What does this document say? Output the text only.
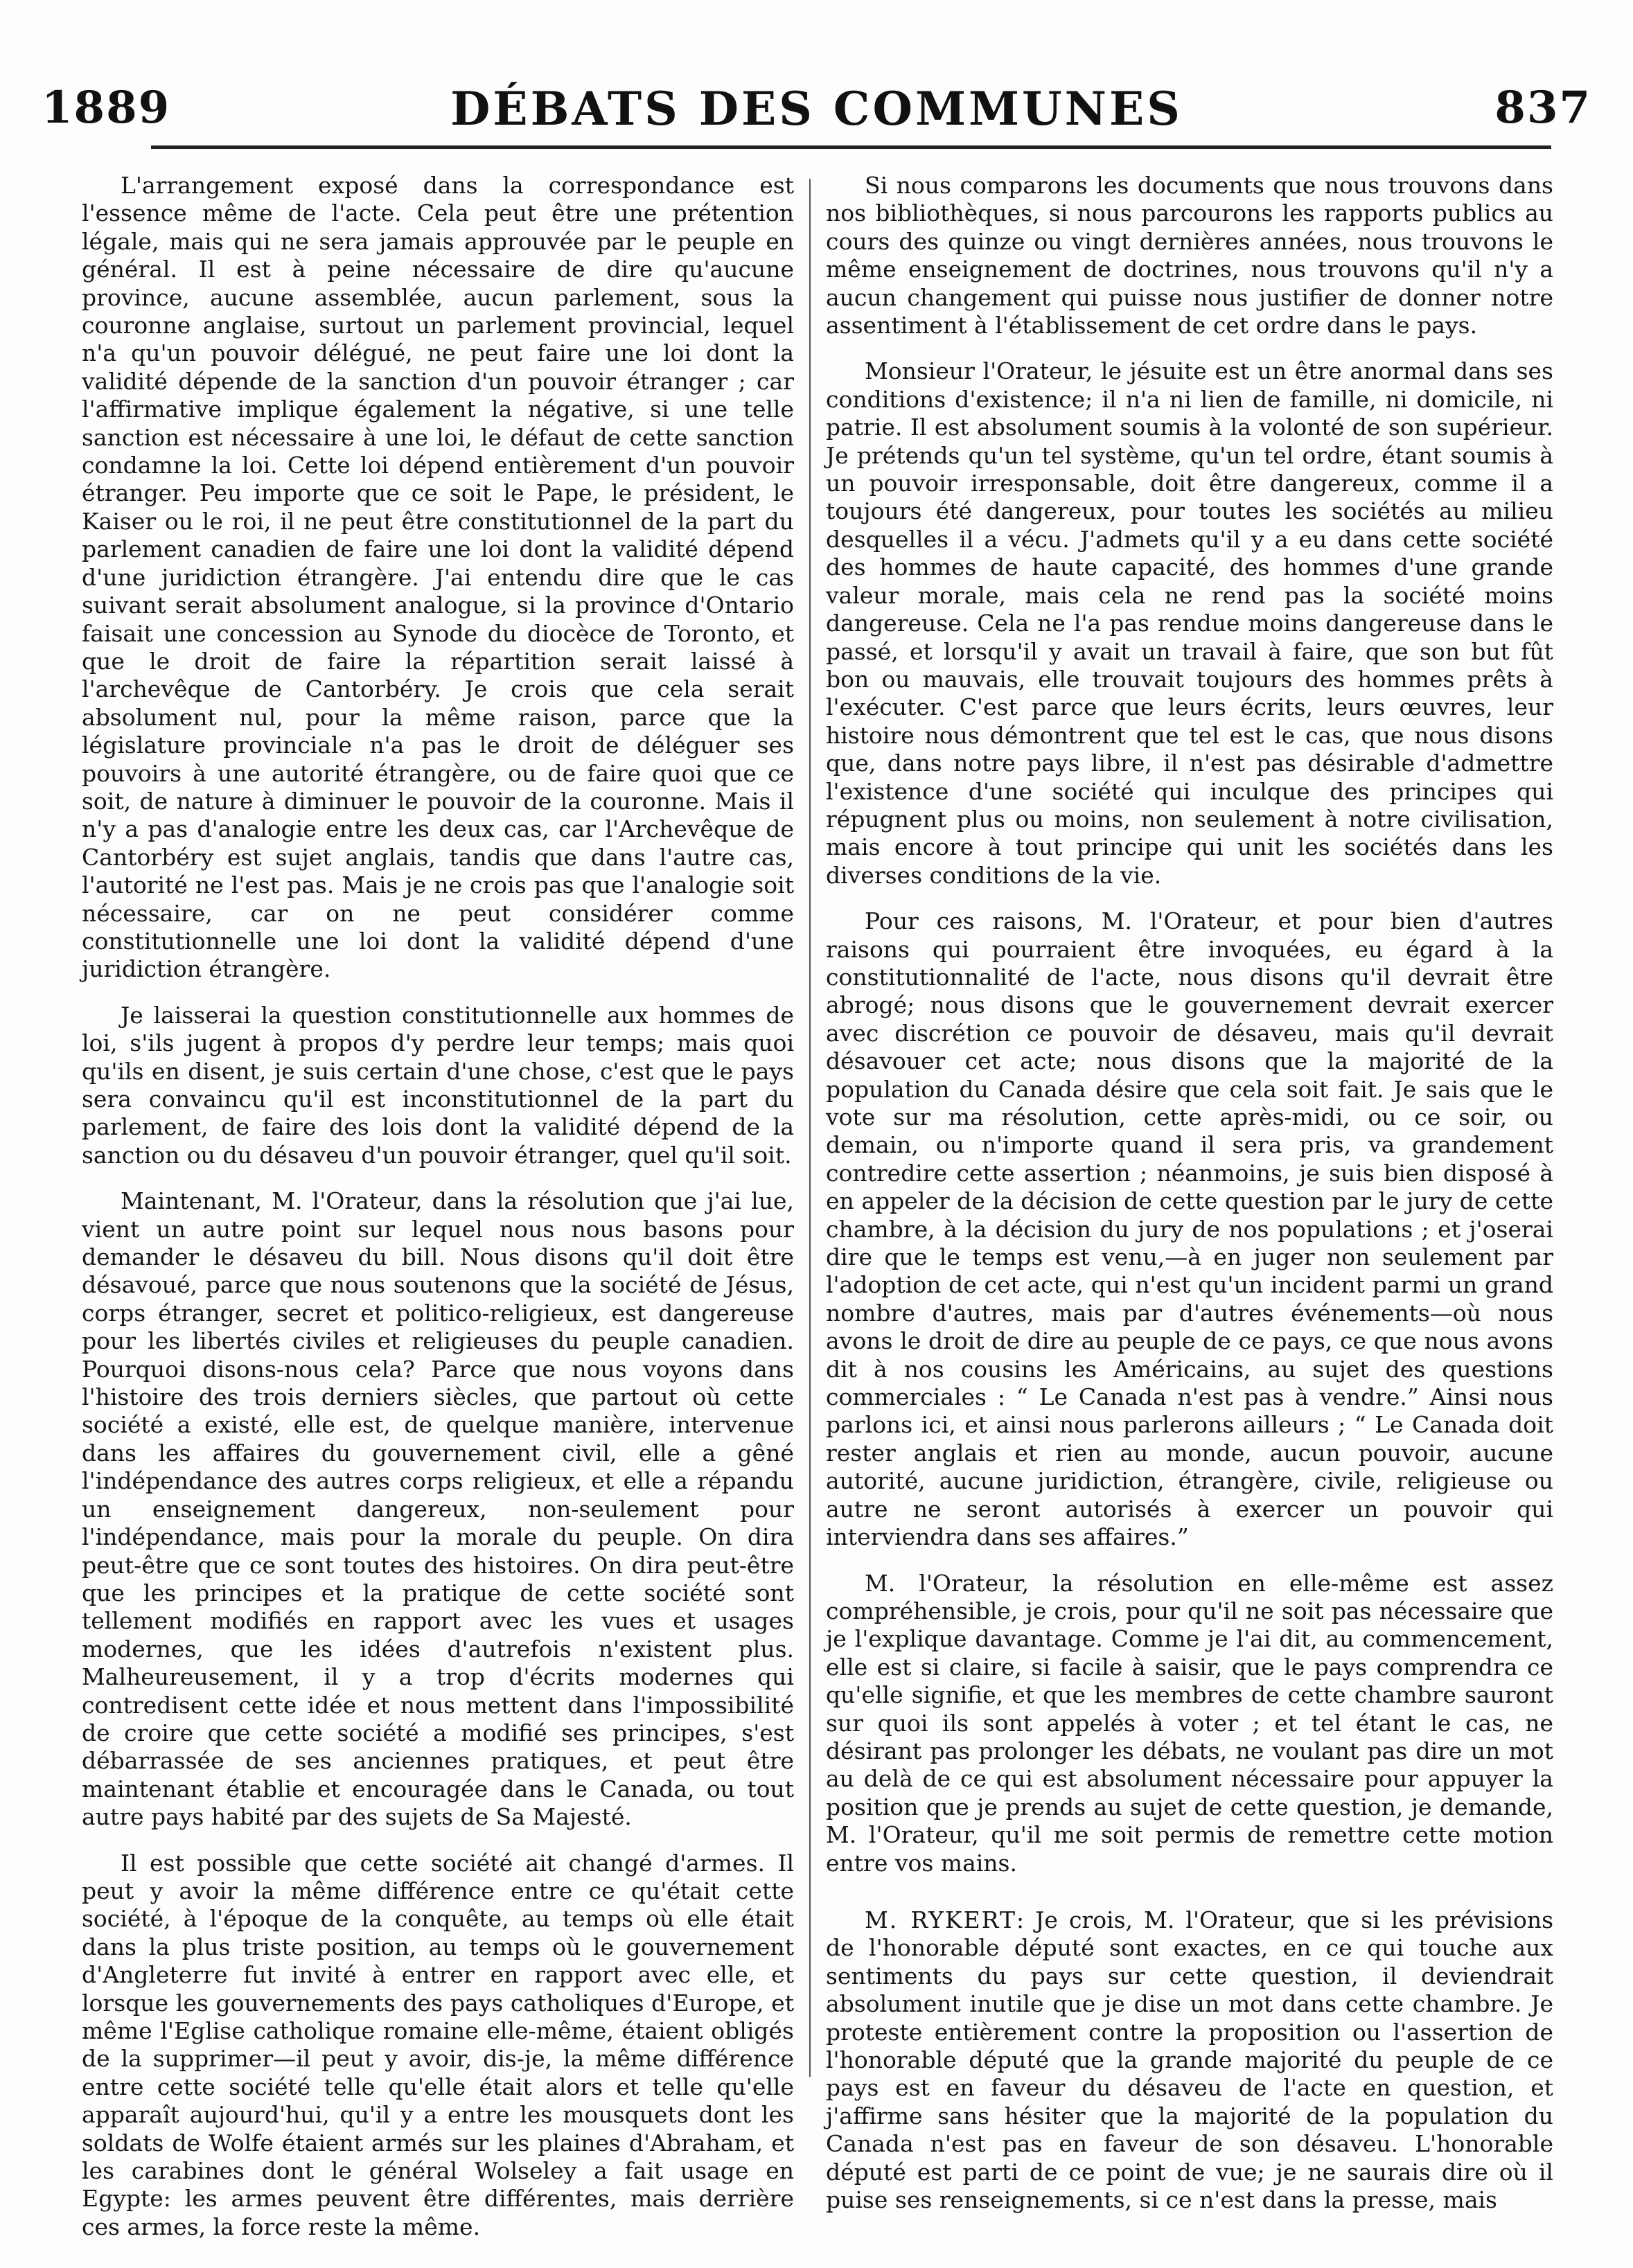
1889	DÉBATS DES COMMUNES	837

L'arrangement exposé dans la correspondance est l'essence même de l'acte. Cela peut être une prétention légale, mais qui ne sera jamais approuvée par le peuple en général. Il est à peine nécessaire de dire qu'aucune province, aucune assemblée, aucun parlement, sous la couronne anglaise, surtout un parlement provincial, lequel n'a qu'un pouvoir délégué, ne peut faire une loi dont la validité dépende de la sanction d'un pouvoir étranger ; car l'affirmative implique également la négative, si une telle sanction est nécessaire à une loi, le défaut de cette sanction condamne la loi. Cette loi dépend entièrement d'un pouvoir étranger. Peu importe que ce soit le Pape, le président, le Kaiser ou le roi, il ne peut être constitutionnel de la part du parlement canadien de faire une loi dont la validité dépend d'une juridiction étrangère. J'ai entendu dire que le cas suivant serait absolument analogue, si la province d'Ontario faisait une concession au Synode du diocèce de Toronto, et que le droit de faire la répartition serait laissé à l'archevêque de Cantorbéry. Je crois que cela serait absolument nul, pour la même raison, parce que la législature provinciale n'a pas le droit de déléguer ses pouvoirs à une autorité étrangère, ou de faire quoi que ce soit, de nature à diminuer le pouvoir de la couronne. Mais il n'y a pas d'analogie entre les deux cas, car l'Archevêque de Cantorbéry est sujet anglais, tandis que dans l'autre cas, l'autorité ne l'est pas. Mais je ne crois pas que l'analogie soit nécessaire, car on ne peut considérer comme constitutionnelle une loi dont la validité dépend d'une juridiction étrangère.

Je laisserai la question constitutionnelle aux hommes de loi, s'ils jugent à propos d'y perdre leur temps; mais quoi qu'ils en disent, je suis certain d'une chose, c'est que le pays sera convaincu qu'il est inconstitutionnel de la part du parlement, de faire des lois dont la validité dépend de la sanction ou du désaveu d'un pouvoir étranger, quel qu'il soit.

Maintenant, M. l'Orateur, dans la résolution que j'ai lue, vient un autre point sur lequel nous nous basons pour demander le désaveu du bill. Nous disons qu'il doit être désavoué, parce que nous soutenons que la société de Jésus, corps étranger, secret et politico-religieux, est dangereuse pour les libertés civiles et religieuses du peuple canadien. Pourquoi disons-nous cela? Parce que nous voyons dans l'histoire des trois derniers siècles, que partout où cette société a existé, elle est, de quelque manière, intervenue dans les affaires du gouvernement civil, elle a gêné l'indépendance des autres corps religieux, et elle a répandu un enseignement dangereux, non-seulement pour l'indépendance, mais pour la morale du peuple. On dira peut-être que ce sont toutes des histoires. On dira peut-être que les principes et la pratique de cette société sont tellement modifiés en rapport avec les vues et usages modernes, que les idées d'autrefois n'existent plus. Malheureusement, il y a trop d'écrits modernes qui contredisent cette idée et nous mettent dans l'impossibilité de croire que cette société a modifié ses principes, s'est débarrassée de ses anciennes pratiques, et peut être maintenant établie et encouragée dans le Canada, ou tout autre pays habité par des sujets de Sa Majesté.

Il est possible que cette société ait changé d'armes. Il peut y avoir la même différence entre ce qu'était cette société, à l'époque de la conquête, au temps où elle était dans la plus triste position, au temps où le gouvernement d'Angleterre fut invité à entrer en rapport avec elle, et lorsque les gouvernements des pays catholiques d'Europe, et même l'Eglise catholique romaine elle-même, étaient obligés de la supprimer—il peut y avoir, dis-je, la même différence entre cette société telle qu'elle était alors et telle qu'elle apparaît aujourd'hui, qu'il y a entre les mousquets dont les soldats de Wolfe étaient armés sur les plaines d'Abraham, et les carabines dont le général Wolseley a fait usage en Egypte: les armes peuvent être différentes, mais derrière ces armes, la force reste la même.

Si nous comparons les documents que nous trouvons dans nos bibliothèques, si nous parcourons les rapports publics au cours des quinze ou vingt dernières années, nous trouvons le même enseignement de doctrines, nous trouvons qu'il n'y a aucun changement qui puisse nous justifier de donner notre assentiment à l'établissement de cet ordre dans le pays.

Monsieur l'Orateur, le jésuite est un être anormal dans ses conditions d'existence; il n'a ni lien de famille, ni domicile, ni patrie. Il est absolument soumis à la volonté de son supérieur. Je prétends qu'un tel système, qu'un tel ordre, étant soumis à un pouvoir irresponsable, doit être dangereux, comme il a toujours été dangereux, pour toutes les sociétés au milieu desquelles il a vécu. J'admets qu'il y a eu dans cette société des hommes de haute capacité, des hommes d'une grande valeur morale, mais cela ne rend pas la société moins dangereuse. Cela ne l'a pas rendue moins dangereuse dans le passé, et lorsqu'il y avait un travail à faire, que son but fût bon ou mauvais, elle trouvait toujours des hommes prêts à l'exécuter. C'est parce que leurs écrits, leurs œuvres, leur histoire nous démontrent que tel est le cas, que nous disons que, dans notre pays libre, il n'est pas désirable d'admettre l'existence d'une société qui inculque des principes qui répugnent plus ou moins, non seulement à notre civilisation, mais encore à tout principe qui unit les sociétés dans les diverses conditions de la vie.

Pour ces raisons, M. l'Orateur, et pour bien d'autres raisons qui pourraient être invoquées, eu égard à la constitutionnalité de l'acte, nous disons qu'il devrait être abrogé; nous disons que le gouvernement devrait exercer avec discrétion ce pouvoir de désaveu, mais qu'il devrait désavouer cet acte; nous disons que la majorité de la population du Canada désire que cela soit fait. Je sais que le vote sur ma résolution, cette après-midi, ou ce soir, ou demain, ou n'importe quand il sera pris, va grandement contredire cette assertion ; néanmoins, je suis bien disposé à en appeler de la décision de cette question par le jury de cette chambre, à la décision du jury de nos populations ; et j'oserai dire que le temps est venu,—à en juger non seulement par l'adoption de cet acte, qui n'est qu'un incident parmi un grand nombre d'autres, mais par d'autres événements—où nous avons le droit de dire au peuple de ce pays, ce que nous avons dit à nos cousins les Américains, au sujet des questions commerciales : “ Le Canada n'est pas à vendre.” Ainsi nous parlons ici, et ainsi nous parlerons ailleurs ; “ Le Canada doit rester anglais et rien au monde, aucun pouvoir, aucune autorité, aucune juridiction, étrangère, civile, religieuse ou autre ne seront autorisés à exercer un pouvoir qui interviendra dans ses affaires.”

M. l'Orateur, la résolution en elle-même est assez compréhensible, je crois, pour qu'il ne soit pas nécessaire que je l'explique davantage. Comme je l'ai dit, au commencement, elle est si claire, si facile à saisir, que le pays comprendra ce qu'elle signifie, et que les membres de cette chambre sauront sur quoi ils sont appelés à voter ; et tel étant le cas, ne désirant pas prolonger les débats, ne voulant pas dire un mot au delà de ce qui est absolument nécessaire pour appuyer la position que je prends au sujet de cette question, je demande, M. l'Orateur, qu'il me soit permis de remettre cette motion entre vos mains.

M. RYKERT: Je crois, M. l'Orateur, que si les prévisions de l'honorable député sont exactes, en ce qui touche aux sentiments du pays sur cette question, il deviendrait absolument inutile que je dise un mot dans cette chambre. Je proteste entièrement contre la proposition ou l'assertion de l'honorable député que la grande majorité du peuple de ce pays est en faveur du désaveu de l'acte en question, et j'affirme sans hésiter que la majorité de la population du Canada n'est pas en faveur de son désaveu. L'honorable député est parti de ce point de vue; je ne saurais dire où il puise ses renseignements, si ce n'est dans la presse, mais
